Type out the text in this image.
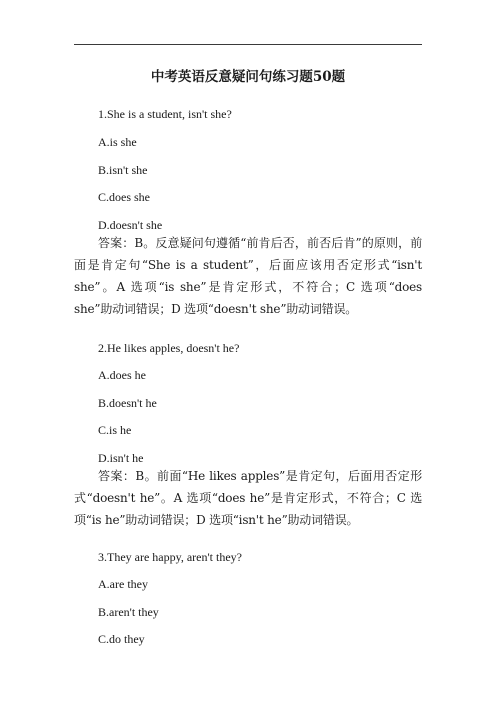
中考英语反意疑问句练习题50题
1.She is a student, isn't she?
A.is she
B.isn't she
C.does she
D.doesn't she
答案：B。反意疑问句遵循“前肯后否，前否后肯”的原则，前面是肯定句“She is a student”，后面应该用否定形式“isn't she”。A 选项“is she”是肯定形式，不符合；C 选项“does she”助动词错误；D 选项“doesn't she”助动词错误。
2.He likes apples, doesn't he?
A.does he
B.doesn't he
C.is he
D.isn't he
答案：B。前面“He likes apples”是肯定句，后面用否定形式“doesn't he”。A 选项“does he”是肯定形式，不符合；C 选项“is he”助动词错误；D 选项“isn't he”助动词错误。
3.They are happy, aren't they?
A.are they
B.aren't they
C.do they
